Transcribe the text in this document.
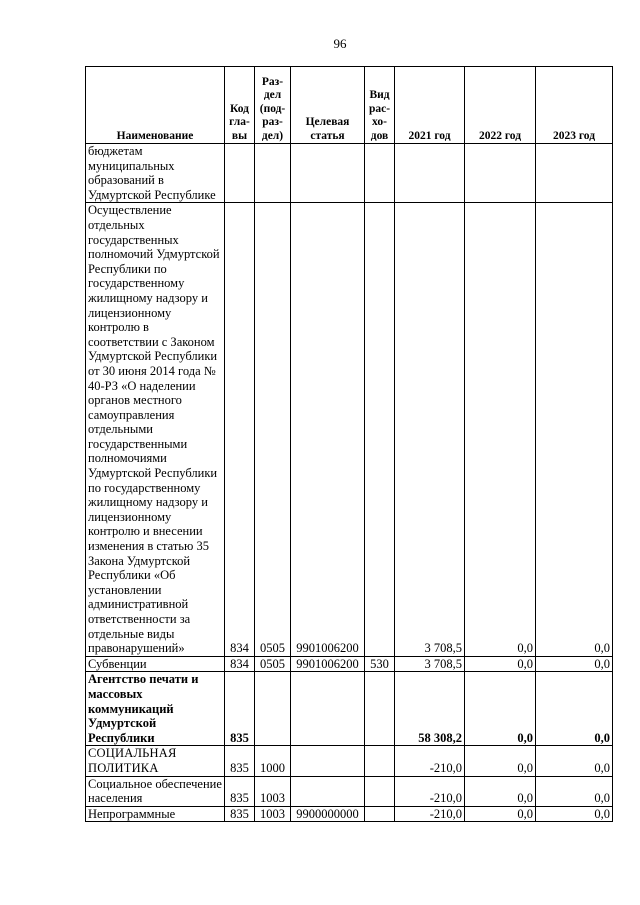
96
Наименование	Код гла-вы	Раз-дел (под-раз-дел)	Целевая статья	Вид рас-хо-дов	2021 год	2022 год	2023 год
бюджетам муниципальных образований в Удмуртской Республике							
Осуществление отдельных государственных полномочий Удмуртской Республики по государственному жилищному надзору и лицензионному контролю в соответствии с Законом Удмуртской Республики от 30 июня 2014 года № 40-РЗ «О наделении органов местного самоуправления отдельными государственными полномочиями Удмуртской Республики по государственному жилищному надзору и лицензионному контролю и внесении изменения в статью 35 Закона Удмуртской Республики «Об установлении административной ответственности за отдельные виды правонарушений»	834	0505	9901006200		3 708,5	0,0	0,0
Субвенции	834	0505	9901006200	530	3 708,5	0,0	0,0
Агентство печати и массовых коммуникаций Удмуртской Республики	835				58 308,2	0,0	0,0
СОЦИАЛЬНАЯ ПОЛИТИКА	835	1000			-210,0	0,0	0,0
Социальное обеспечение населения	835	1003			-210,0	0,0	0,0
Непрограммные	835	1003	9900000000		-210,0	0,0	0,0
